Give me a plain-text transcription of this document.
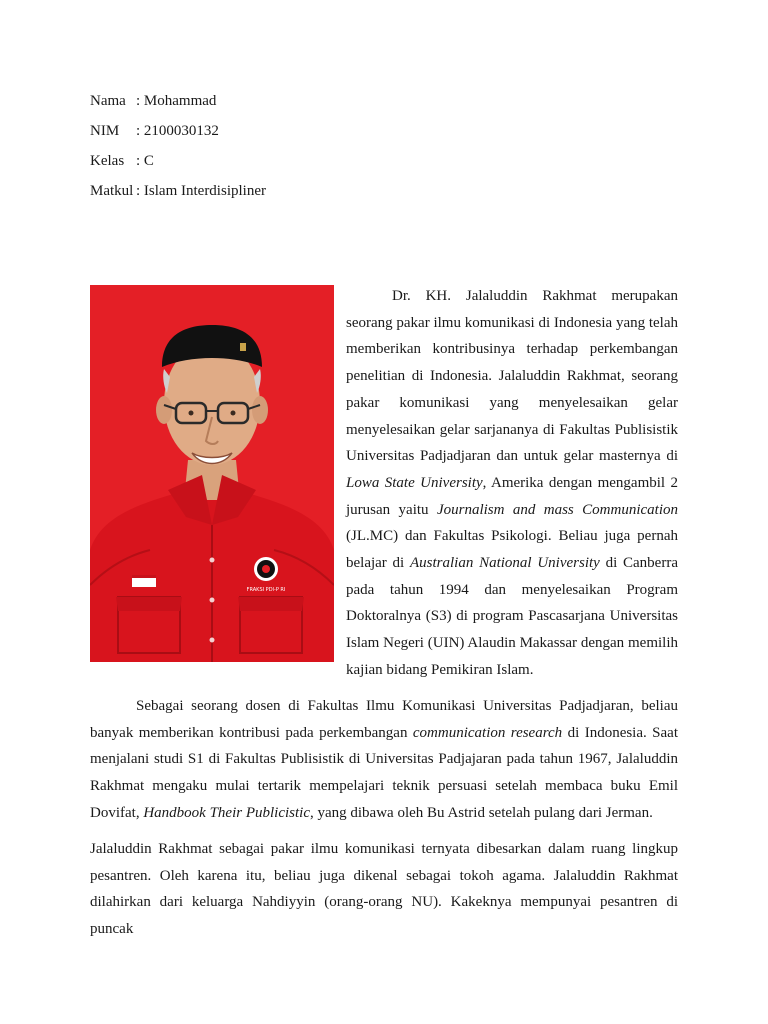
Nama : Mohammad
NIM : 2100030132
Kelas : C
Matkul : Islam Interdisipliner
FRAKSI PDI-P RI

Dr. KH. Jalaluddin Rakhmat merupakan seorang pakar ilmu komunikasi di Indonesia yang telah memberikan kontribusinya terhadap perkembangan penelitian di Indonesia. Jalaluddin Rakhmat, seorang pakar komunikasi yang menyelesaikan gelar menyelesaikan gelar sarjananya di Fakultas Publisistik Universitas Padjadjaran dan untuk gelar masternya di Lowa State University, Amerika dengan mengambil 2 jurusan yaitu Journalism and mass Communication (JL.MC) dan Fakultas Psikologi. Beliau juga pernah belajar di Australian National University di Canberra pada tahun 1994 dan menyelesaikan Program Doktoralnya (S3) di program Pascasarjana Universitas Islam Negeri (UIN) Alaudin Makassar dengan memilih kajian bidang Pemikiran Islam.

Sebagai seorang dosen di Fakultas Ilmu Komunikasi Universitas Padjadjaran, beliau banyak memberikan kontribusi pada perkembangan communication research di Indonesia. Saat menjalani studi S1 di Fakultas Publisistik di Universitas Padjajaran pada tahun 1967, Jalaluddin Rakhmat mengaku mulai tertarik mempelajari teknik persuasi setelah membaca buku Emil Dovifat, Handbook Their Publicistic, yang dibawa oleh Bu Astrid setelah pulang dari Jerman.

Jalaluddin Rakhmat sebagai pakar ilmu komunikasi ternyata dibesarkan dalam ruang lingkup pesantren. Oleh karena itu, beliau juga dikenal sebagai tokoh agama. Jalaluddin Rakhmat dilahirkan dari keluarga Nahdiyyin (orang-orang NU). Kakeknya mempunyai pesantren di puncak
